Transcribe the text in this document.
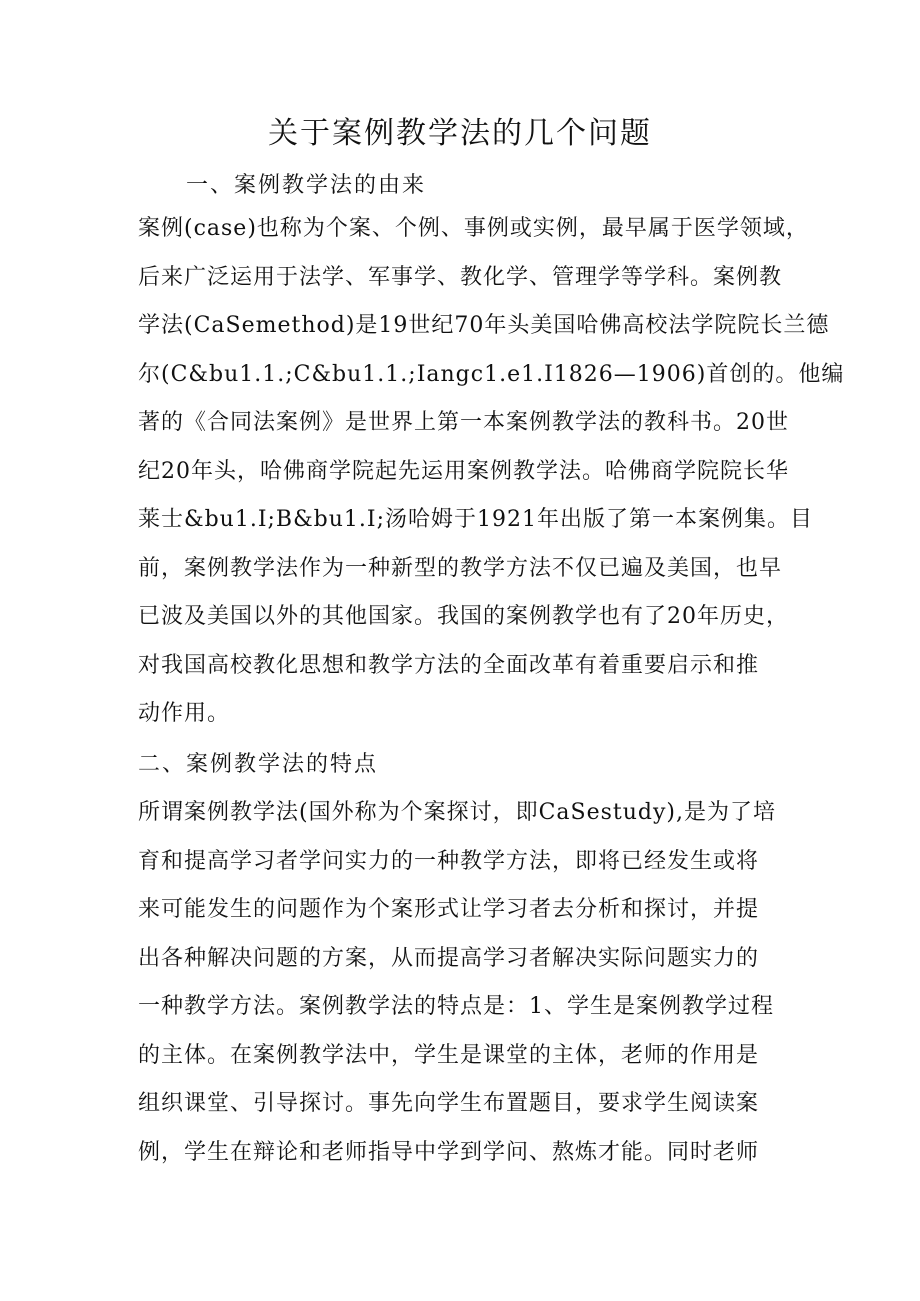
关于案例教学法的几个问题
一、案例教学法的由来
案例(case)也称为个案、个例、事例或实例，最早属于医学领域，
后来广泛运用于法学、军事学、教化学、管理学等学科。案例教
学法(CaSemethod)是19世纪70年头美国哈佛高校法学院院长兰德
尔(C&bu1.1.;C&bu1.1.;Iangc1.e1.I1826—1906)首创的。他编
著的《合同法案例》是世界上第一本案例教学法的教科书。20世
纪20年头，哈佛商学院起先运用案例教学法。哈佛商学院院长华
莱士&bu1.I;B&bu1.I;汤哈姆于1921年出版了第一本案例集。目
前，案例教学法作为一种新型的教学方法不仅已遍及美国，也早
已波及美国以外的其他国家。我国的案例教学也有了20年历史，
对我国高校教化思想和教学方法的全面改革有着重要启示和推
动作用。
二、案例教学法的特点
所谓案例教学法(国外称为个案探讨，即CaSestudy),是为了培
育和提高学习者学问实力的一种教学方法，即将已经发生或将
来可能发生的问题作为个案形式让学习者去分析和探讨，并提
出各种解决问题的方案，从而提高学习者解决实际问题实力的
一种教学方法。案例教学法的特点是：1、学生是案例教学过程
的主体。在案例教学法中，学生是课堂的主体，老师的作用是
组织课堂、引导探讨。事先向学生布置题目，要求学生阅读案
例，学生在辩论和老师指导中学到学问、熬炼才能。同时老师
